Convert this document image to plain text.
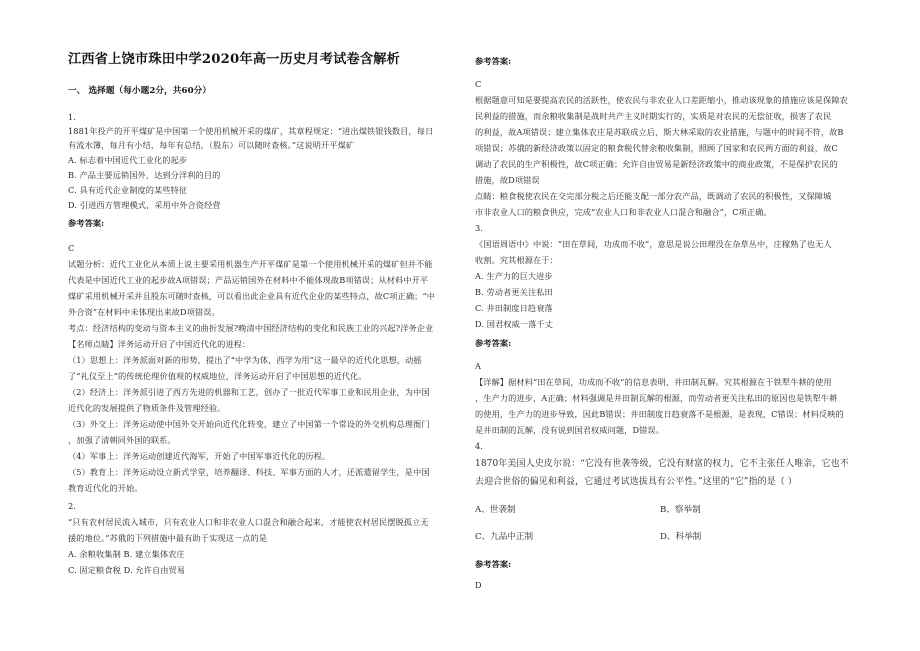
江西省上饶市珠田中学2020年高一历史月考试卷含解析
一、 选择题（每小题2分，共60分）
1.
1881年投产的开平煤矿是中国第一个使用机械开采的煤矿，其章程规定：“进出煤铁银钱数目，每日
有流水簿，每月有小结，每年有总结，（股东）可以随时查核。”这说明开平煤矿
A. 标志着中国近代工业化的起步
B. 产品主要远销国外，达到分洋利的目的
C. 具有近代企业制度的某些特征
D. 引进西方管理模式，采用中外合资经营
参考答案:
C
试题分析：近代工业化从本质上说主要采用机器生产开平煤矿是第一个使用机械开采的煤矿但并不能
代表是中国近代工业的起步故A项错误；产品运销国外在材料中不能体现故B项错误；从材料中开平
煤矿采用机械开采并且股东可随时查核，可以看出此企业具有近代企业的某些特点，故C项正确；“中
外合资”在材料中未体现出来故D项错误。
考点：经济结构的变动与资本主义的曲折发展?晚清中国经济结构的变化和民族工业的兴起?洋务企业
【名师点睛】洋务运动开启了中国近代化的进程：
（1）思想上：洋务派面对新的形势，提出了“中学为体，西学为用”这一最早的近代化思想，动摇
了“礼仪至上”的传统伦理价值观的权威地位，洋务运动开启了中国思想的近代化。
（2）经济上：洋务派引进了西方先进的机器和工艺，创办了一批近代军事工业和民用企业，为中国
近代化的发展提供了物质条件及管理经验。
（3）外交上：洋务运动使中国外交开始向近代化转变，建立了中国第一个常设的外交机构总理衙门
，加强了清朝同外国的联系。
（4）军事上：洋务运动创建近代海军，开始了中国军事近代化的历程。
（5）教育上：洋务运动设立新式学堂，培养翻译、科技、军事方面的人才，还派遣留学生，是中国
教育近代化的开始。
2.
“只有农村居民流入城市，只有农业人口和非农业人口混合和融合起来，才能使农村居民摆脱孤立无
援的地位。”苏俄的下列措施中最有助于实现这一点的是
A. 余粮收集制 B. 建立集体农庄
C. 固定粮食税 D. 允许自由贸易
参考答案:
C
根据题意可知是要提高农民的活跃性，使农民与非农业人口差距缩小，推动该现象的措施应该是保障农
民利益的措施，而余粮收集制是战时共产主义时期实行的，实质是对农民的无偿征收，损害了农民
的利益，故A项错误；建立集体农庄是苏联成立后，斯大林采取的农业措施，与题中的时间不符，故B
项错误；苏俄的新经济政策以固定的粮食税代替余粮收集制，照顾了国家和农民两方面的利益，故C
调动了农民的生产积极性，故C项正确；允许自由贸易是新经济政策中的商业政策，不是保护农民的
措施，故D项错误
点睛：粮食税使农民在交完部分税之后还能支配一部分农产品，既调动了农民的积极性，又保障城
市非农业人口的粮食供应，完成“农业人口和非农业人口混合和融合”，C项正确。
3.
《国语周语中》中说：“田在草间，功成而不收”，意思是说公田理没在杂草丛中，庄稼熟了也无人
收割。究其根源在于：
A. 生产力的巨大进步
B. 劳动者更关注私田
C. 井田制度日趋衰落
D. 国君权威一落千丈
参考答案:
A
【详解】据材料“田在草间，功成而不收”的信息表明，井田制瓦解。究其根源在于铁犁牛耕的使用
，生产力的进步，A正确；材料强调是井田制瓦解的根源，而劳动者更关注私田的原因也是铁犁牛耕
的使用，生产力的进步导致，因此B错误；井田制度日趋衰落不是根源，是表现，C错误；材料反映的
是井田制的瓦解，没有说到国君权威问题，D错误。
4.
1870年美国人史皮尔说：“它没有世袭等级，它没有财富的权力，它不主张任人唯亲，它也不
去迎合世俗的偏见和利益，它通过考试选拔具有公平性。”这里的“它”指的是（ ）
A、世袭制	B、察举制
C、九品中正制	D、科举制
参考答案:
D
